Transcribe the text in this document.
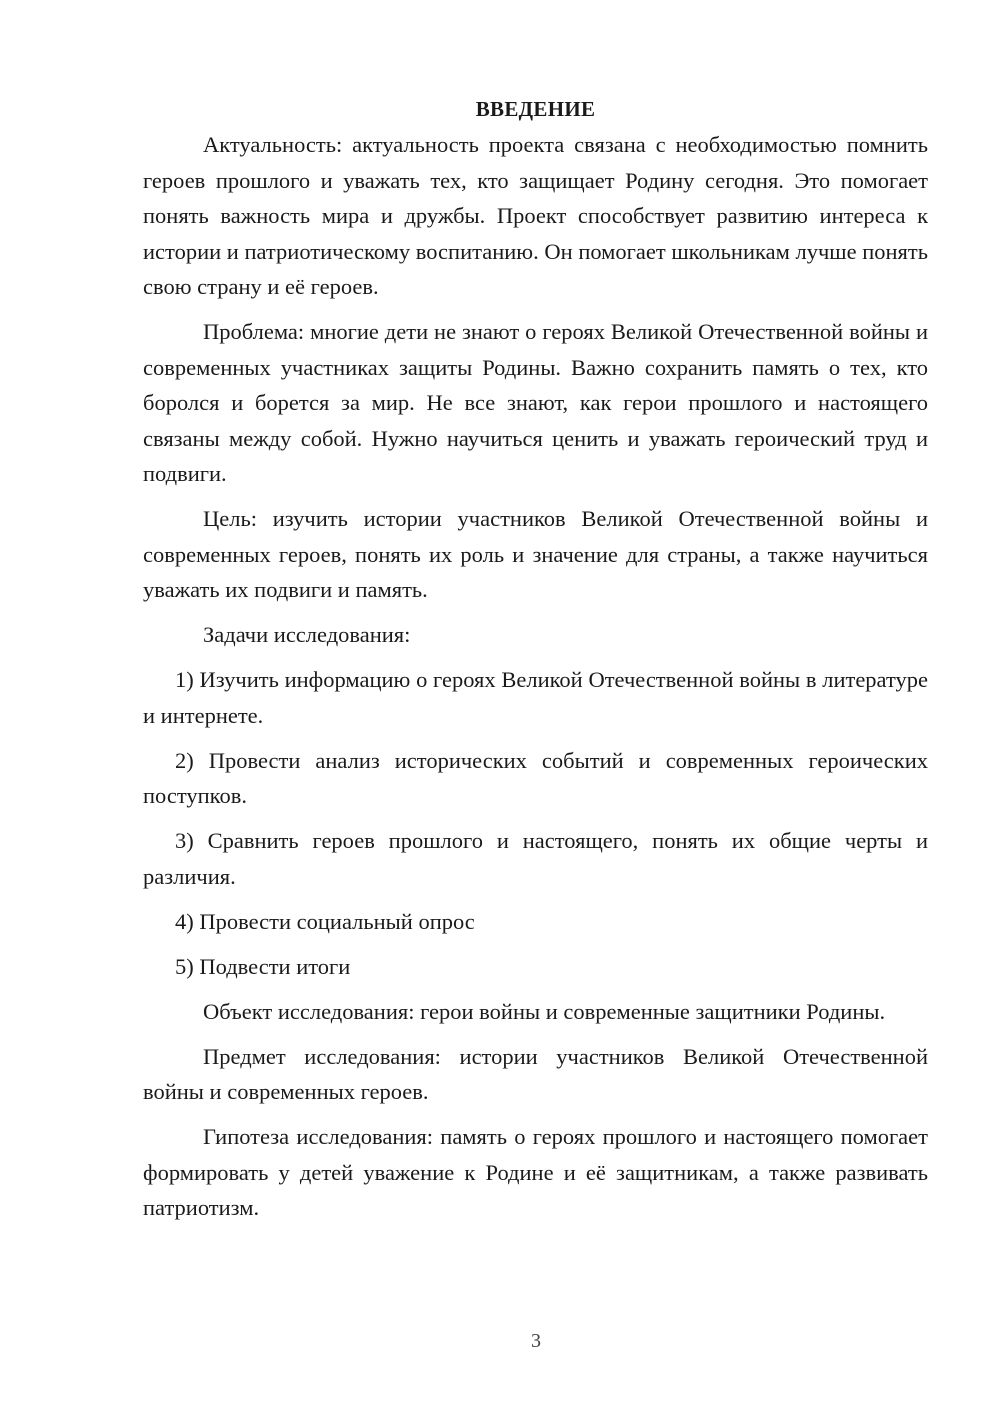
ВВЕДЕНИЕ

Актуальность: актуальность проекта связана с необходимостью помнить героев прошлого и уважать тех, кто защищает Родину сегодня. Это помогает понять важность мира и дружбы. Проект способствует развитию интереса к истории и патриотическому воспитанию. Он помогает школьникам лучше понять свою страну и её героев.

Проблема: многие дети не знают о героях Великой Отечественной войны и современных участниках защиты Родины. Важно сохранить память о тех, кто боролся и борется за мир. Не все знают, как герои прошлого и настоящего связаны между собой. Нужно научиться ценить и уважать героический труд и подвиги.

Цель: изучить истории участников Великой Отечественной войны и современных героев, понять их роль и значение для страны, а также научиться уважать их подвиги и память.

Задачи исследования:

1) Изучить информацию о героях Великой Отечественной войны в литературе и интернете.

2) Провести анализ исторических событий и современных героических поступков.

3) Сравнить героев прошлого и настоящего, понять их общие черты и различия.

4) Провести социальный опрос

5) Подвести итоги

Объект исследования: герои войны и современные защитники Родины.

Предмет исследования: истории участников Великой Отечественной войны и современных героев.

Гипотеза исследования: память о героях прошлого и настоящего помогает формировать у детей уважение к Родине и её защитникам, а также развивать патриотизм.

3
